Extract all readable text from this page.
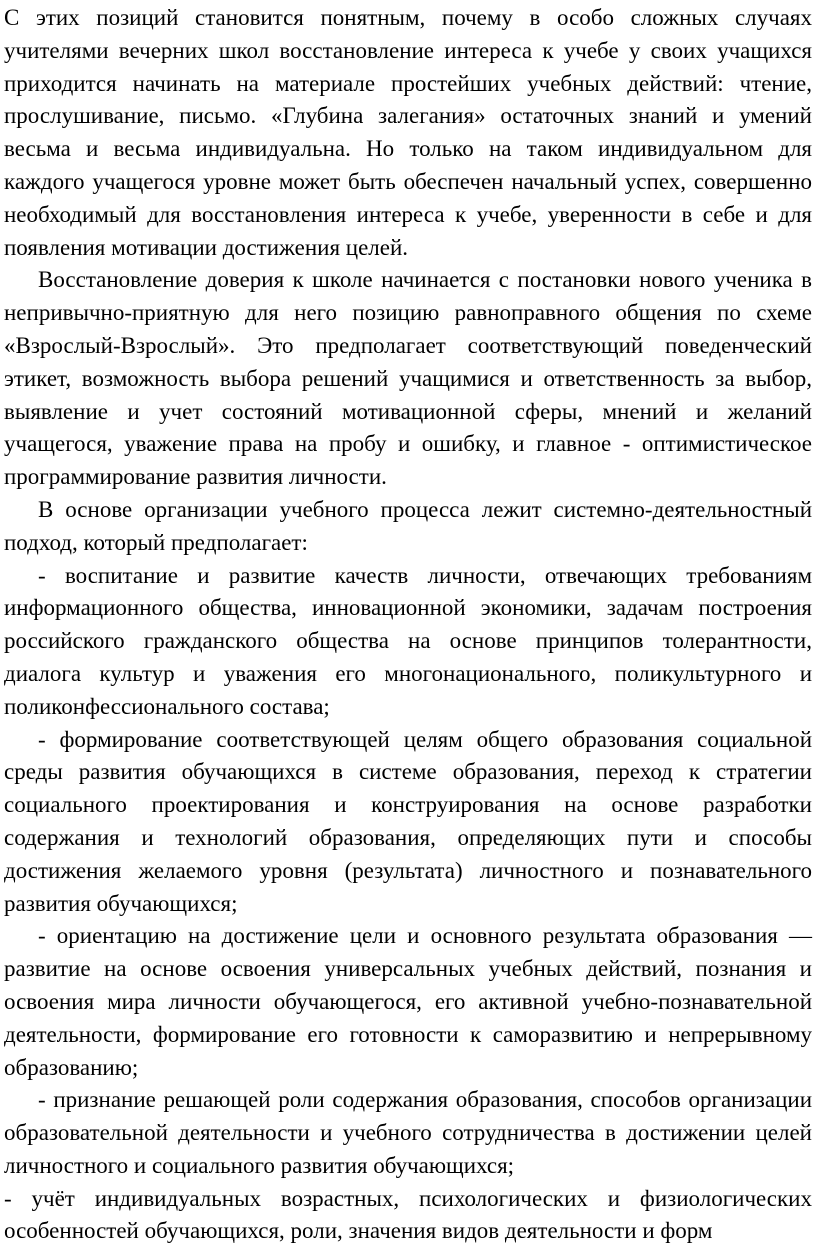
С этих позиций становится понятным, почему в особо сложных случаях учителями вечерних школ восстановление интереса к учебе у своих учащихся приходится начинать на материале простейших учебных действий: чтение, прослушивание, письмо. «Глубина залегания» остаточных знаний и умений весьма и весьма индивидуальна. Но только на таком индивидуальном для каждого учащегося уровне может быть обеспечен начальный успех, совершенно необходимый для восстановления интереса к учебе, уверенности в себе и для появления мотивации достижения целей.

Восстановление доверия к школе начинается с постановки нового ученика в непривычно-приятную для него позицию равноправного общения по схеме «Взрослый-Взрослый». Это предполагает соответствующий поведенческий этикет, возможность выбора решений учащимися и ответственность за выбор, выявление и учет состояний мотивационной сферы, мнений и желаний учащегося, уважение права на пробу и ошибку, и главное - оптимистическое программирование развития личности.

В основе организации учебного процесса лежит системно-деятельностный подход, который предполагает:

- воспитание и развитие качеств личности, отвечающих требованиям информационного общества, инновационной экономики, задачам построения российского гражданского общества на основе принципов толерантности, диалога культур и уважения его многонационального, поликультурного и поликонфессионального состава;

- формирование соответствующей целям общего образования социальной среды развития обучающихся в системе образования, переход к стратегии социального проектирования и конструирования на основе разработки содержания и технологий образования, определяющих пути и способы достижения желаемого уровня (результата) личностного и познавательного развития обучающихся;

- ориентацию на достижение цели и основного результата образования — развитие на основе освоения универсальных учебных действий, познания и освоения мира личности обучающегося, его активной учебно-познавательной деятельности, формирование его готовности к саморазвитию и непрерывному образованию;

- признание решающей роли содержания образования, способов организации образовательной деятельности и учебного сотрудничества в достижении целей личностного и социального развития обучающихся;

- учёт индивидуальных возрастных, психологических и физиологических особенностей обучающихся, роли, значения видов деятельности и форм
